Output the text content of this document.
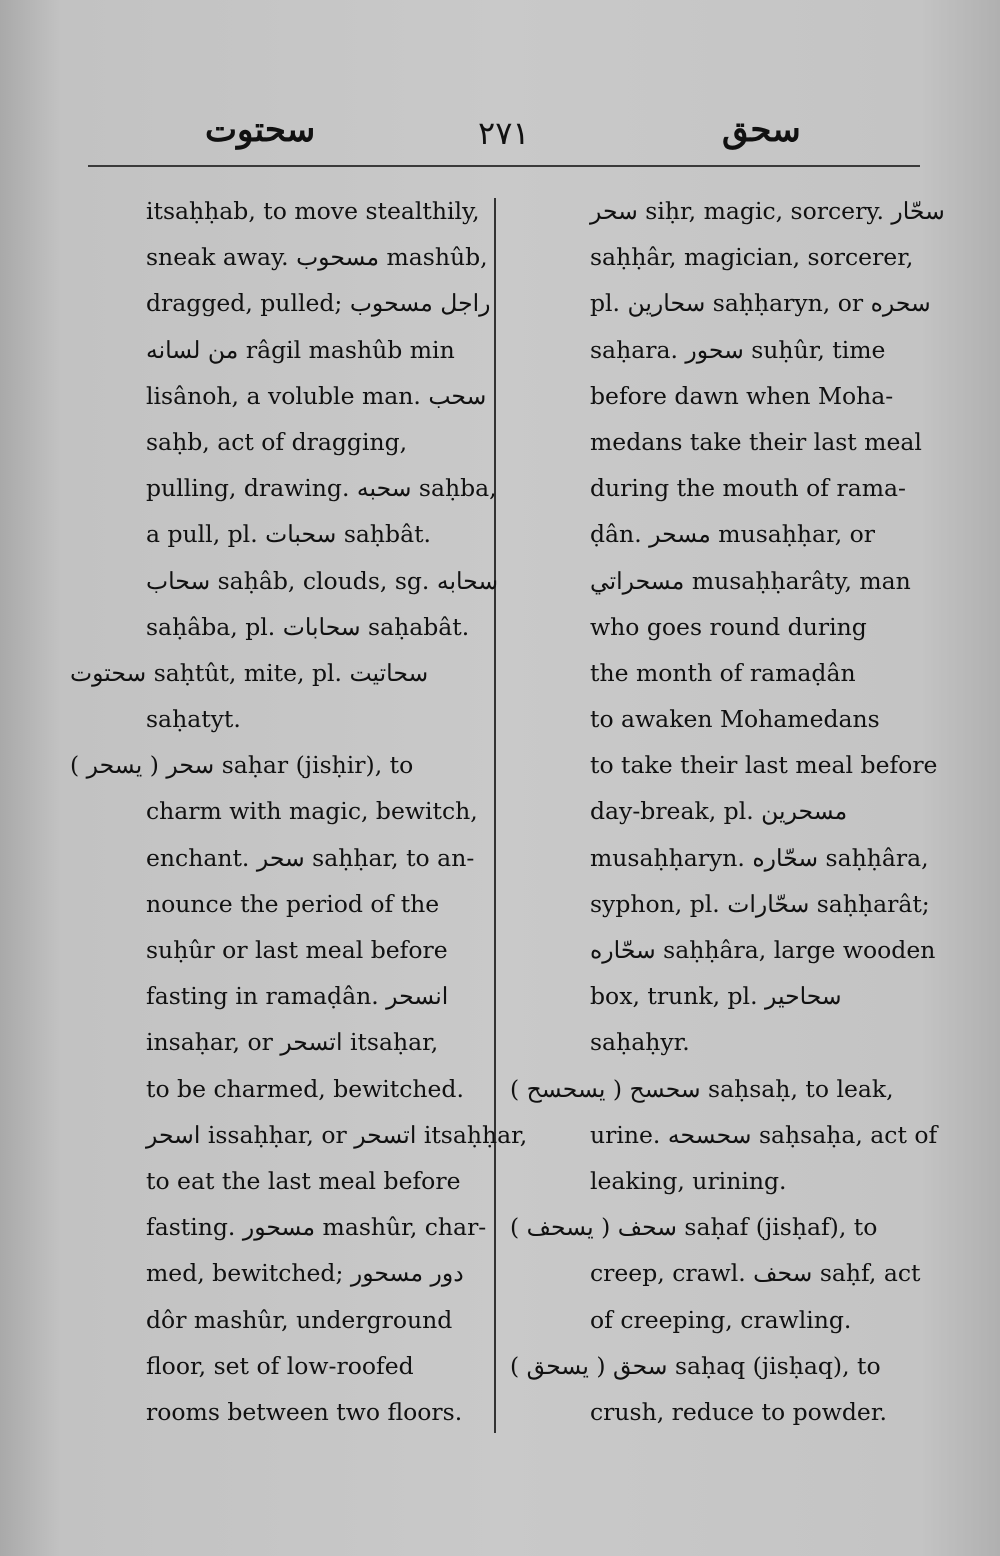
سحتوت	٢٧١	سحق
itsaḥḥab, to move stealthily,
sneak away. مسحوب mashûb,
dragged, pulled; راجل مسحوب
من لسانه râgil mashûb min
lisânoh, a voluble man. سحب
saḥb, act of dragging,
pulling, drawing. سحبه saḥba,
a pull, pl. سحبات saḥbât.
سحاب saḥâb, clouds, sg. سحابه
saḥâba, pl. سحابات saḥabât.
سحتوت saḥtût, mite, pl. سحاتيت
saḥatyt.
سحر ( يسحر ) saḥar (jisḥir), to
charm with magic, bewitch,
enchant. سحر saḥḥar, to an-
nounce the period of the
suḥûr or last meal before
fasting in ramaḍân. انسحر
insaḥar, or اتسحر itsaḥar,
to be charmed, bewitched.
اسحر issaḥḥar, or اتسحر itsaḥḥar,
to eat the last meal before
fasting. مسحور mashûr, char-
med, bewitched; دور مسحور
dôr mashûr, underground
floor, set of low-roofed
rooms between two floors.
سحر siḥr, magic, sorcery. سحّار
saḥḥâr, magician, sorcerer,
pl. سحارين saḥḥaryn, or سحره
saḥara. سحور suḥûr, time
before dawn when Moha-
medans take their last meal
during the mouth of rama-
ḍân. مسحر musaḥḥar, or
مسحراتي musaḥḥarâty, man
who goes round during
the month of ramaḍân
to awaken Mohamedans
to take their last meal before
day-break, pl. مسحرين
musaḥḥaryn. سحّاره saḥḥâra,
syphon, pl. سحّارات saḥḥarât;
سحّاره saḥḥâra, large wooden
box, trunk, pl. سحاحير
saḥaḥyr.
سحسح ( يسحسح ) saḥsaḥ, to leak,
urine. سحسحه saḥsaḥa, act of
leaking, urining.
سحف ( يسحف ) saḥaf (jisḥaf), to
creep, crawl. سحف saḥf, act
of creeping, crawling.
سحق ( يسحق ) saḥaq (jisḥaq), to
crush, reduce to powder.
